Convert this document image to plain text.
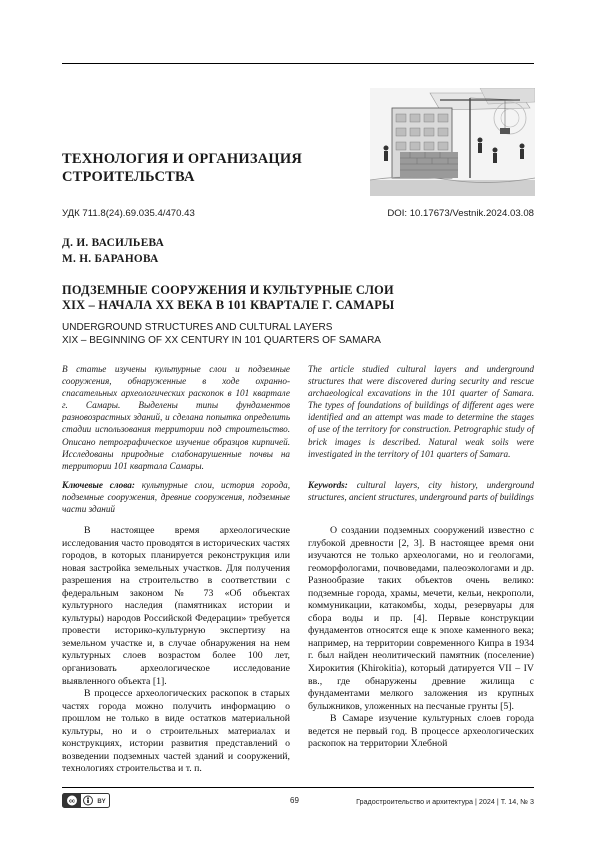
ТЕХНОЛОГИЯ И ОРГАНИЗАЦИЯ
СТРОИТЕЛЬСТВА
УДК 711.8(24).69.035.4/470.43	DOI: 10.17673/Vestnik.2024.03.08
Д. И. ВАСИЛЬЕВА
М. Н. БАРАНОВА
ПОДЗЕМНЫЕ СООРУЖЕНИЯ И КУЛЬТУРНЫЕ СЛОИ
XIX – НАЧАЛА XX ВЕКА В 101 КВАРТАЛЕ Г. САМАРЫ
UNDERGROUND STRUCTURES AND CULTURAL LAYERS
XIX – BEGINNING OF XX CENTURY IN 101 QUARTERS OF SAMARA
В статье изучены культурные слои и подземные сооружения, обнаруженные в ходе охранно-спасательных археологических раскопок в 101 квартале г. Самары. Выделены типы фундаментов разновозрастных зданий, и сделана попытка определить стадии использования территории под строительство. Описано петрографическое изучение образцов кирпичей. Исследованы природные слабонарушенные почвы на территории 101 квартала Самары.
The article studied cultural layers and underground structures that were discovered during security and rescue archaeological excavations in the 101 quarter of Samara. The types of foundations of buildings of different ages were identified and an attempt was made to determine the stages of use of the territory for construction. Petrographic study of brick images is described. Natural weak soils were investigated in the territory of 101 quarters of Samara.
Ключевые слова: культурные слои, история города, подземные сооружения, древние сооружения, подземные части зданий
Keywords: cultural layers, city history, underground structures, ancient structures, underground parts of buildings

В настоящее время археологические исследования часто проводятся в исторических частях городов, в которых планируется реконструкция или новая застройка земельных участков. Для получения разрешения на строительство в соответствии с федеральным законом № 73 «Об объектах культурного наследия (памятниках истории и культуры) народов Российской Федерации» требуется провести историко-культурную экспертизу на земельном участке и, в случае обнаружения на нем культурных слоев возрастом более 100 лет, организовать археологическое исследование выявленного объекта [1].

В процессе археологических раскопок в старых частях города можно получить информацию о прошлом не только в виде остатков материальной культуры, но и о строительных материалах и конструкциях, истории развития представлений о возведении подземных частей зданий и сооружений, технологиях строительства и т. п.

О создании подземных сооружений известно с глубокой древности [2, 3]. В настоящее время они изучаются не только археологами, но и геологами, геоморфологами, почвоведами, палеоэкологами и др. Разнообразие таких объектов очень велико: подземные города, храмы, мечети, кельи, некрополи, коммуникации, катакомбы, ходы, резервуары для сбора воды и пр. [4]. Первые конструкции фундаментов относятся еще к эпохе каменного века; например, на территории современного Кипра в 1934 г. был найден неолитический памятник (поселение) Хирокития (Khirokitia), который датируется VII – IV вв., где обнаружены древние жилища с фундаментами мелкого заложения из крупных булыжников, уложенных на песчаные грунты [5].

В Самаре изучение культурных слоев города ведется не первый год. В процессе археологических раскопок на территории Хлебной

cc	BY	69	Градостроительство и архитектура | 2024 | Т. 14, № 3
